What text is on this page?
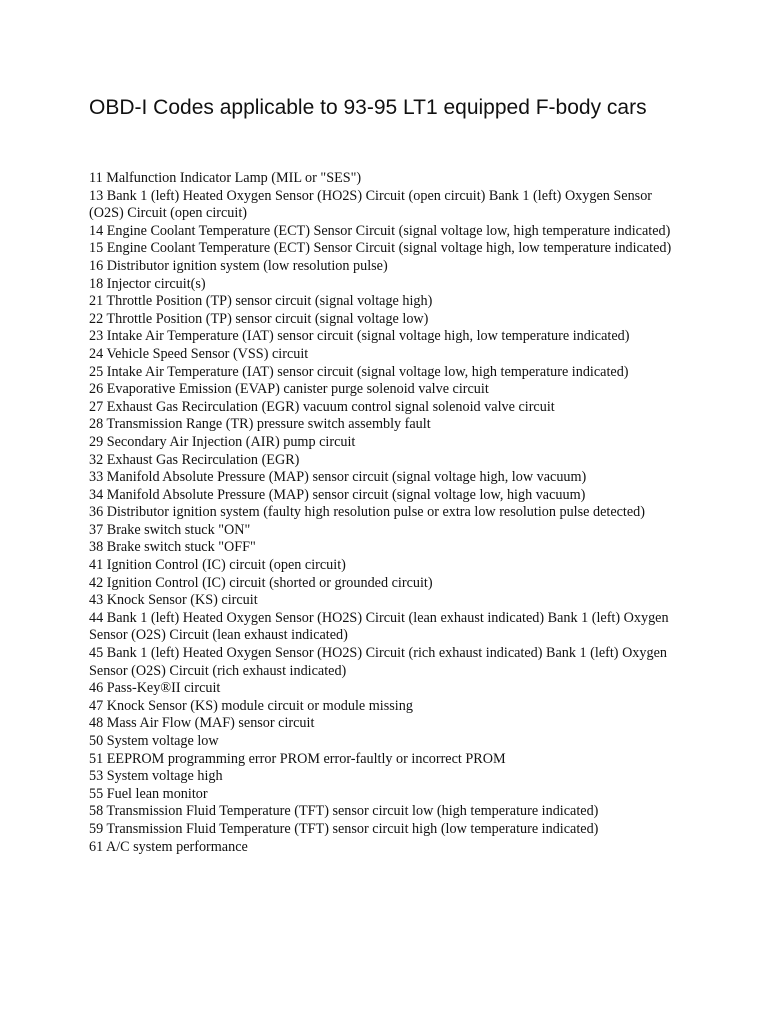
OBD-I Codes applicable to 93-95 LT1 equipped F-body cars
11 Malfunction Indicator Lamp (MIL or "SES")
13 Bank 1 (left) Heated Oxygen Sensor (HO2S) Circuit (open circuit) Bank 1 (left) Oxygen Sensor (O2S) Circuit (open circuit)
14 Engine Coolant Temperature (ECT) Sensor Circuit (signal voltage low, high temperature indicated)
15 Engine Coolant Temperature (ECT) Sensor Circuit (signal voltage high, low temperature indicated)
16 Distributor ignition system (low resolution pulse)
18 Injector circuit(s)
21 Throttle Position (TP) sensor circuit (signal voltage high)
22 Throttle Position (TP) sensor circuit (signal voltage low)
23 Intake Air Temperature (IAT) sensor circuit (signal voltage high, low temperature indicated)
24 Vehicle Speed Sensor (VSS) circuit
25 Intake Air Temperature (IAT) sensor circuit (signal voltage low, high temperature indicated)
26 Evaporative Emission (EVAP) canister purge solenoid valve circuit
27 Exhaust Gas Recirculation (EGR) vacuum control signal solenoid valve circuit
28 Transmission Range (TR) pressure switch assembly fault
29 Secondary Air Injection (AIR) pump circuit
32 Exhaust Gas Recirculation (EGR)
33 Manifold Absolute Pressure (MAP) sensor circuit (signal voltage high, low vacuum)
34 Manifold Absolute Pressure (MAP) sensor circuit (signal voltage low, high vacuum)
36 Distributor ignition system (faulty high resolution pulse or extra low resolution pulse detected)
37 Brake switch stuck "ON"
38 Brake switch stuck "OFF"
41 Ignition Control (IC) circuit (open circuit)
42 Ignition Control (IC) circuit (shorted or grounded circuit)
43 Knock Sensor (KS) circuit
44 Bank 1 (left) Heated Oxygen Sensor (HO2S) Circuit (lean exhaust indicated) Bank 1 (left) Oxygen Sensor (O2S) Circuit (lean exhaust indicated)
45 Bank 1 (left) Heated Oxygen Sensor (HO2S) Circuit (rich exhaust indicated) Bank 1 (left) Oxygen Sensor (O2S) Circuit (rich exhaust indicated)
46 Pass-Key®II circuit
47 Knock Sensor (KS) module circuit or module missing
48 Mass Air Flow (MAF) sensor circuit
50 System voltage low
51 EEPROM programming error PROM error-faultly or incorrect PROM
53 System voltage high
55 Fuel lean monitor
58 Transmission Fluid Temperature (TFT) sensor circuit low (high temperature indicated)
59 Transmission Fluid Temperature (TFT) sensor circuit high (low temperature indicated)
61 A/C system performance
